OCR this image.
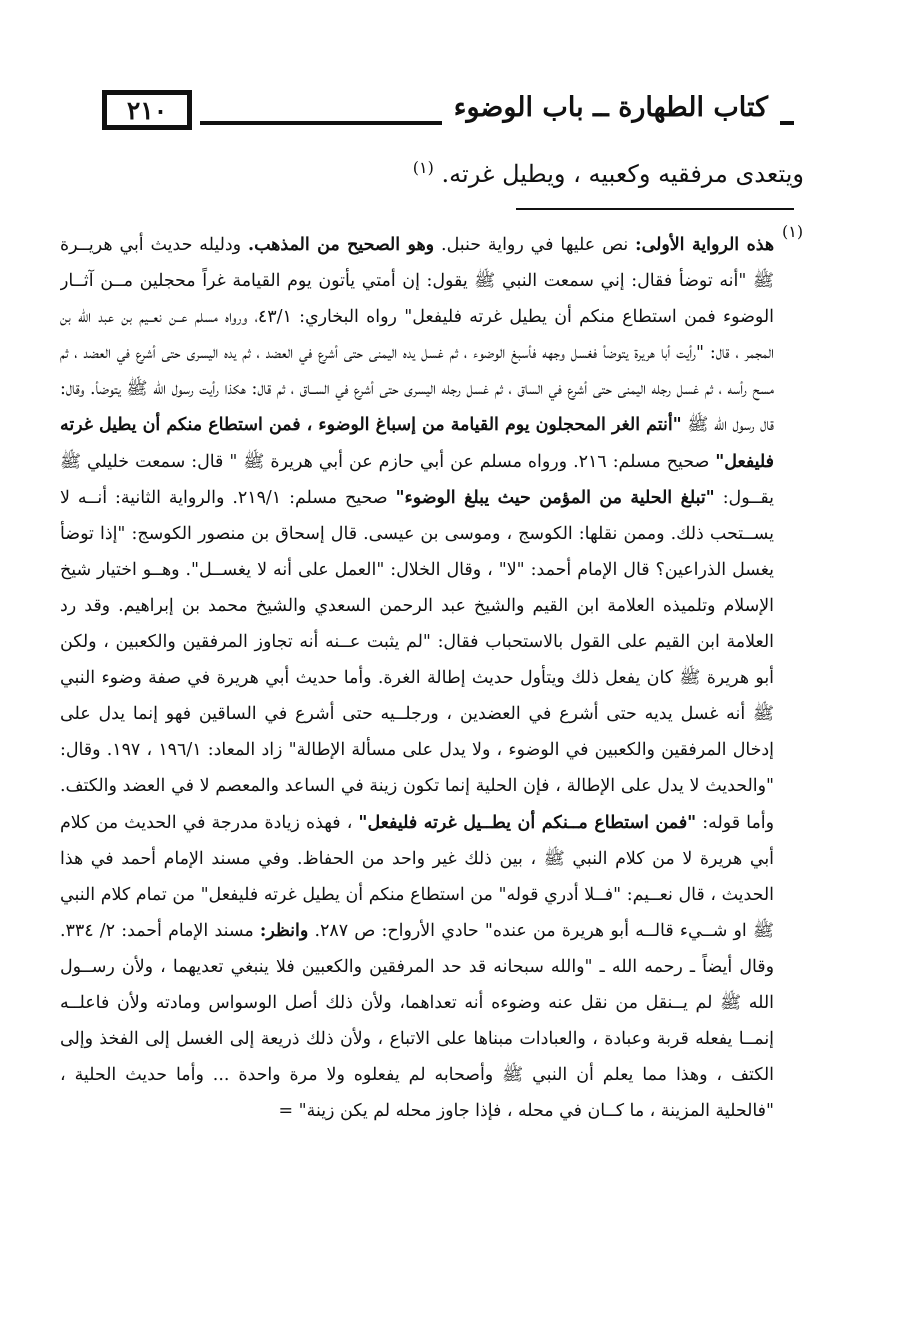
كتاب الطهارة ــ باب الوضوء
٢١٠
ويتعدى مرفقيه وكعبيه ، ويطيل غرته. $^{(١)}$
(١)

هذه الرواية الأولى: نص عليها في رواية حنبل. وهو الصحيح من المذهب. ودليله حديث أبي هريــرة ﷺ "أنه توضأ فقال: إني سمعت النبي ﷺ يقول: إن أمتي يأتون يوم القيامة غراً محجلين مــن آثــار الوضوء فمن استطاع منكم أن يطيل غرته فليفعل" رواه البخاري: ٤٣/١، ورواه مسلم عــن نعــيم بن عبد الله بن المجمر ، قال: "رأيت أبا هريرة يتوضأ فغسل وجهه فأسبغ الوضوء ، ثم غسل يده اليمنى حتى أشرع في العضد ، ثم يده اليسرى حتى أشرع في العضد ، ثم مسح رأسه ، ثم غسل رجله اليمنى حتى أشرع في الساق ، ثم غسل رجله اليسرى حتى أشرع في الســاق ، ثم قال: هكذا رأيت رسول الله ﷺ يتوضأ. وقال: قال رسول الله ﷺ "أنتم الغر المحجلون يوم القيامة من إسباغ الوضوء ، فمن استطاع منكم أن يطيل غرته فليفعل" صحيح مسلم: ٢١٦. ورواه مسلم عن أبي حازم عن أبي هريرة ﷺ " قال: سمعت خليلي ﷺ يقــول: "تبلغ الحلية من المؤمن حيث يبلغ الوضوء" صحيح مسلم: ٢١٩/١. والرواية الثانية: أنــه لا يســتحب ذلك. وممن نقلها: الكوسج ، وموسى بن عيسى. قال إسحاق بن منصور الكوسج: "إذا توضأ يغسل الذراعين؟ قال الإمام أحمد: "لا" ، وقال الخلال: "العمل على أنه لا يغســل". وهــو اختيار شيخ الإسلام وتلميذه العلامة ابن القيم والشيخ عبد الرحمن السعدي والشيخ محمد بن إبراهيم. وقد رد العلامة ابن القيم على القول بالاستحباب فقال: "لم يثبت عــنه أنه تجاوز المرفقين والكعبين ، ولكن أبو هريرة ﷺ كان يفعل ذلك ويتأول حديث إطالة الغرة. وأما حديث أبي هريرة في صفة وضوء النبي ﷺ أنه غسل يديه حتى أشرع في العضدين ، ورجلــيه حتى أشرع في الساقين فهو إنما يدل على إدخال المرفقين والكعبين في الوضوء ، ولا يدل على مسألة الإطالة" زاد المعاد: ١٩٦/١ ، ١٩٧. وقال: "والحديث لا يدل على الإطالة ، فإن الحلية إنما تكون زينة في الساعد والمعصم لا في العضد والكتف. وأما قوله: "فمن استطاع مــنكم أن يطــيل غرته فليفعل" ، فهذه زيادة مدرجة في الحديث من كلام أبي هريرة لا من كلام النبي ﷺ ، بين ذلك غير واحد من الحفاظ. وفي مسند الإمام أحمد في هذا الحديث ، قال نعــيم: "فــلا أدري قوله" من استطاع منكم أن يطيل غرته فليفعل" من تمام كلام النبي ﷺ او شــيء قالــه أبو هريرة من عنده" حادي الأرواح: ص ٢٨٧. وانظر: مسند الإمام أحمد: ٢/ ٣٣٤. وقال أيضاً ـ رحمه الله ـ "والله سبحانه قد حد المرفقين والكعبين فلا ينبغي تعديهما ، ولأن رســول الله ﷺ لم يــنقل من نقل عنه وضوءه أنه تعداهما، ولأن ذلك أصل الوسواس ومادته ولأن فاعلــه إنمــا يفعله قربة وعبادة ، والعبادات مبناها على الاتباع ، ولأن ذلك ذريعة إلى الغسل إلى الفخذ وإلى الكتف ، وهذا مما يعلم أن النبي ﷺ وأصحابه لم يفعلوه ولا مرة واحدة ... وأما حديث الحلية ، "فالحلية المزينة ، ما كــان في محله ، فإذا جاوز محله لم يكن زينة" =
